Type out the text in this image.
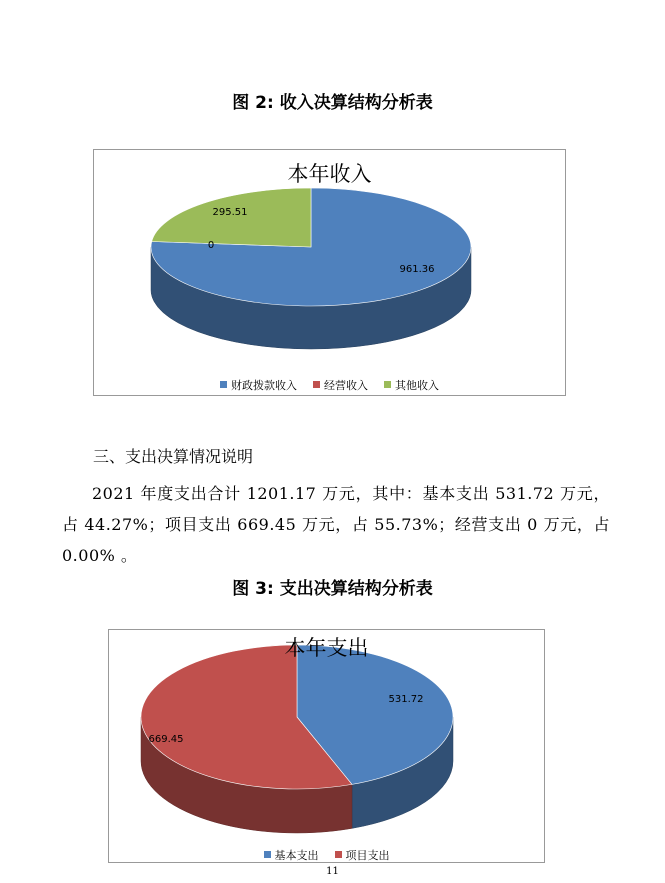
图 2: 收入决算结构分析表
961.36
0
295.51
本年收入
财政拨款收入 经营收入 其他收入
三、支出决算情况说明
2021 年度支出合计 1201.17 万元，其中：基本支出 531.72 万元，占 44.27%；项目支出 669.45 万元，占 55.73%；经营支出 0 万元，占 0.00% 。
图 3: 支出决算结构分析表
531.72
669.45
本年支出
基本支出 项目支出
11
